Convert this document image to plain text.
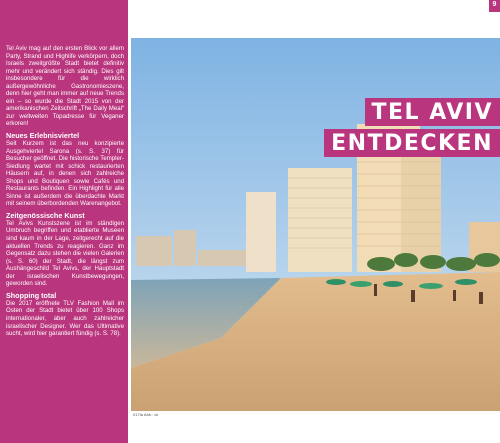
Tel Aviv mag auf den ersten Blick vor allem Party, Strand und Highlife verkörpern, doch Israels zweitgrößte Stadt bietet definitiv mehr und verändert sich ständig. Dies gilt insbesondere für die wirklich außergewöhnliche Gastronomieszene, denn hier geht man immer auf neue Trends ein – so wurde die Stadt 2015 von der amerikanischen Zeitschrift „The Daily Meal“ zur weltweiten Topadresse für Veganer erkoren!

Neues Erlebnisviertel

Seit Kurzem ist das neu konzipierte Ausgehviertel Sarona (s. S. 37) für Besucher geöffnet. Die historische Templer-Siedlung wartet mit schick restaurierten Häusern auf, in denen sich zahlreiche Shops und Boutiquen sowie Cafés und Restaurants befinden. Ein Highlight für alle Sinne ist außerdem die überdachte Markt mit seinem überbordenden Warenangebot.

Zeitgenössische Kunst

Tel Avivs Kunstszene ist im ständigen Umbruch begriffen und etablierte Museen sind kaum in der Lage, zeitgerecht auf die aktuellen Trends zu reagieren. Ganz im Gegensatz dazu stehen die vielen Galerien (s. S. 60) der Stadt, die längst zum Aushängeschild Tel Avivs, der Hauptstadt der israelischen Kunstbewegungen, geworden sind.

Shopping total

Die 2017 eröffnete TLV Fashion Mall im Osten der Stadt bietet über 100 Shops internationaler, aber auch zahlreicher israelischer Designer. Wer das Ultimative sucht, wird hier garantiert fündig (s. S. 78).

9
TEL AVIV
ENTDECKEN
017ta Abb.: ck
